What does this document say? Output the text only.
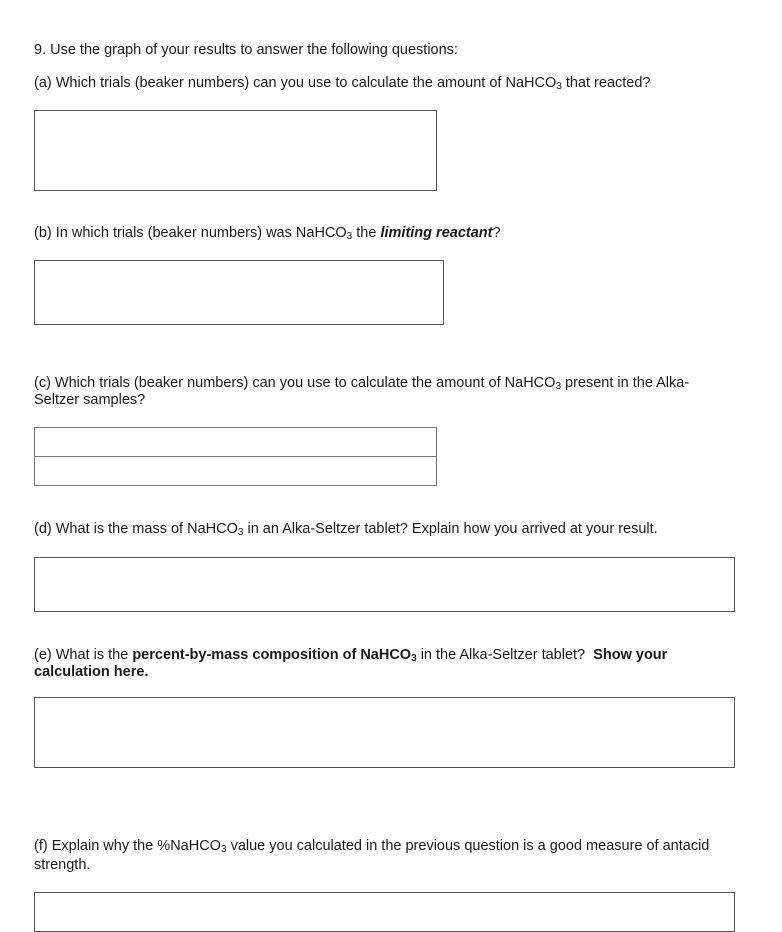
9. Use the graph of your results to answer the following questions:
(a) Which trials (beaker numbers) can you use to calculate the amount of NaHCO$_3$ that reacted?
(b) In which trials (beaker numbers) was NaHCO$_3$ the limiting reactant?
(c) Which trials (beaker numbers) can you use to calculate the amount of NaHCO$_3$ present in the Alka-Seltzer samples?
(d) What is the mass of NaHCO$_3$ in an Alka-Seltzer tablet? Explain how you arrived at your result.
(e) What is the percent-by-mass composition of NaHCO$_3$ in the Alka-Seltzer tablet? Show your calculation here.
(f) Explain why the %NaHCO$_3$ value you calculated in the previous question is a good measure of antacid strength.
